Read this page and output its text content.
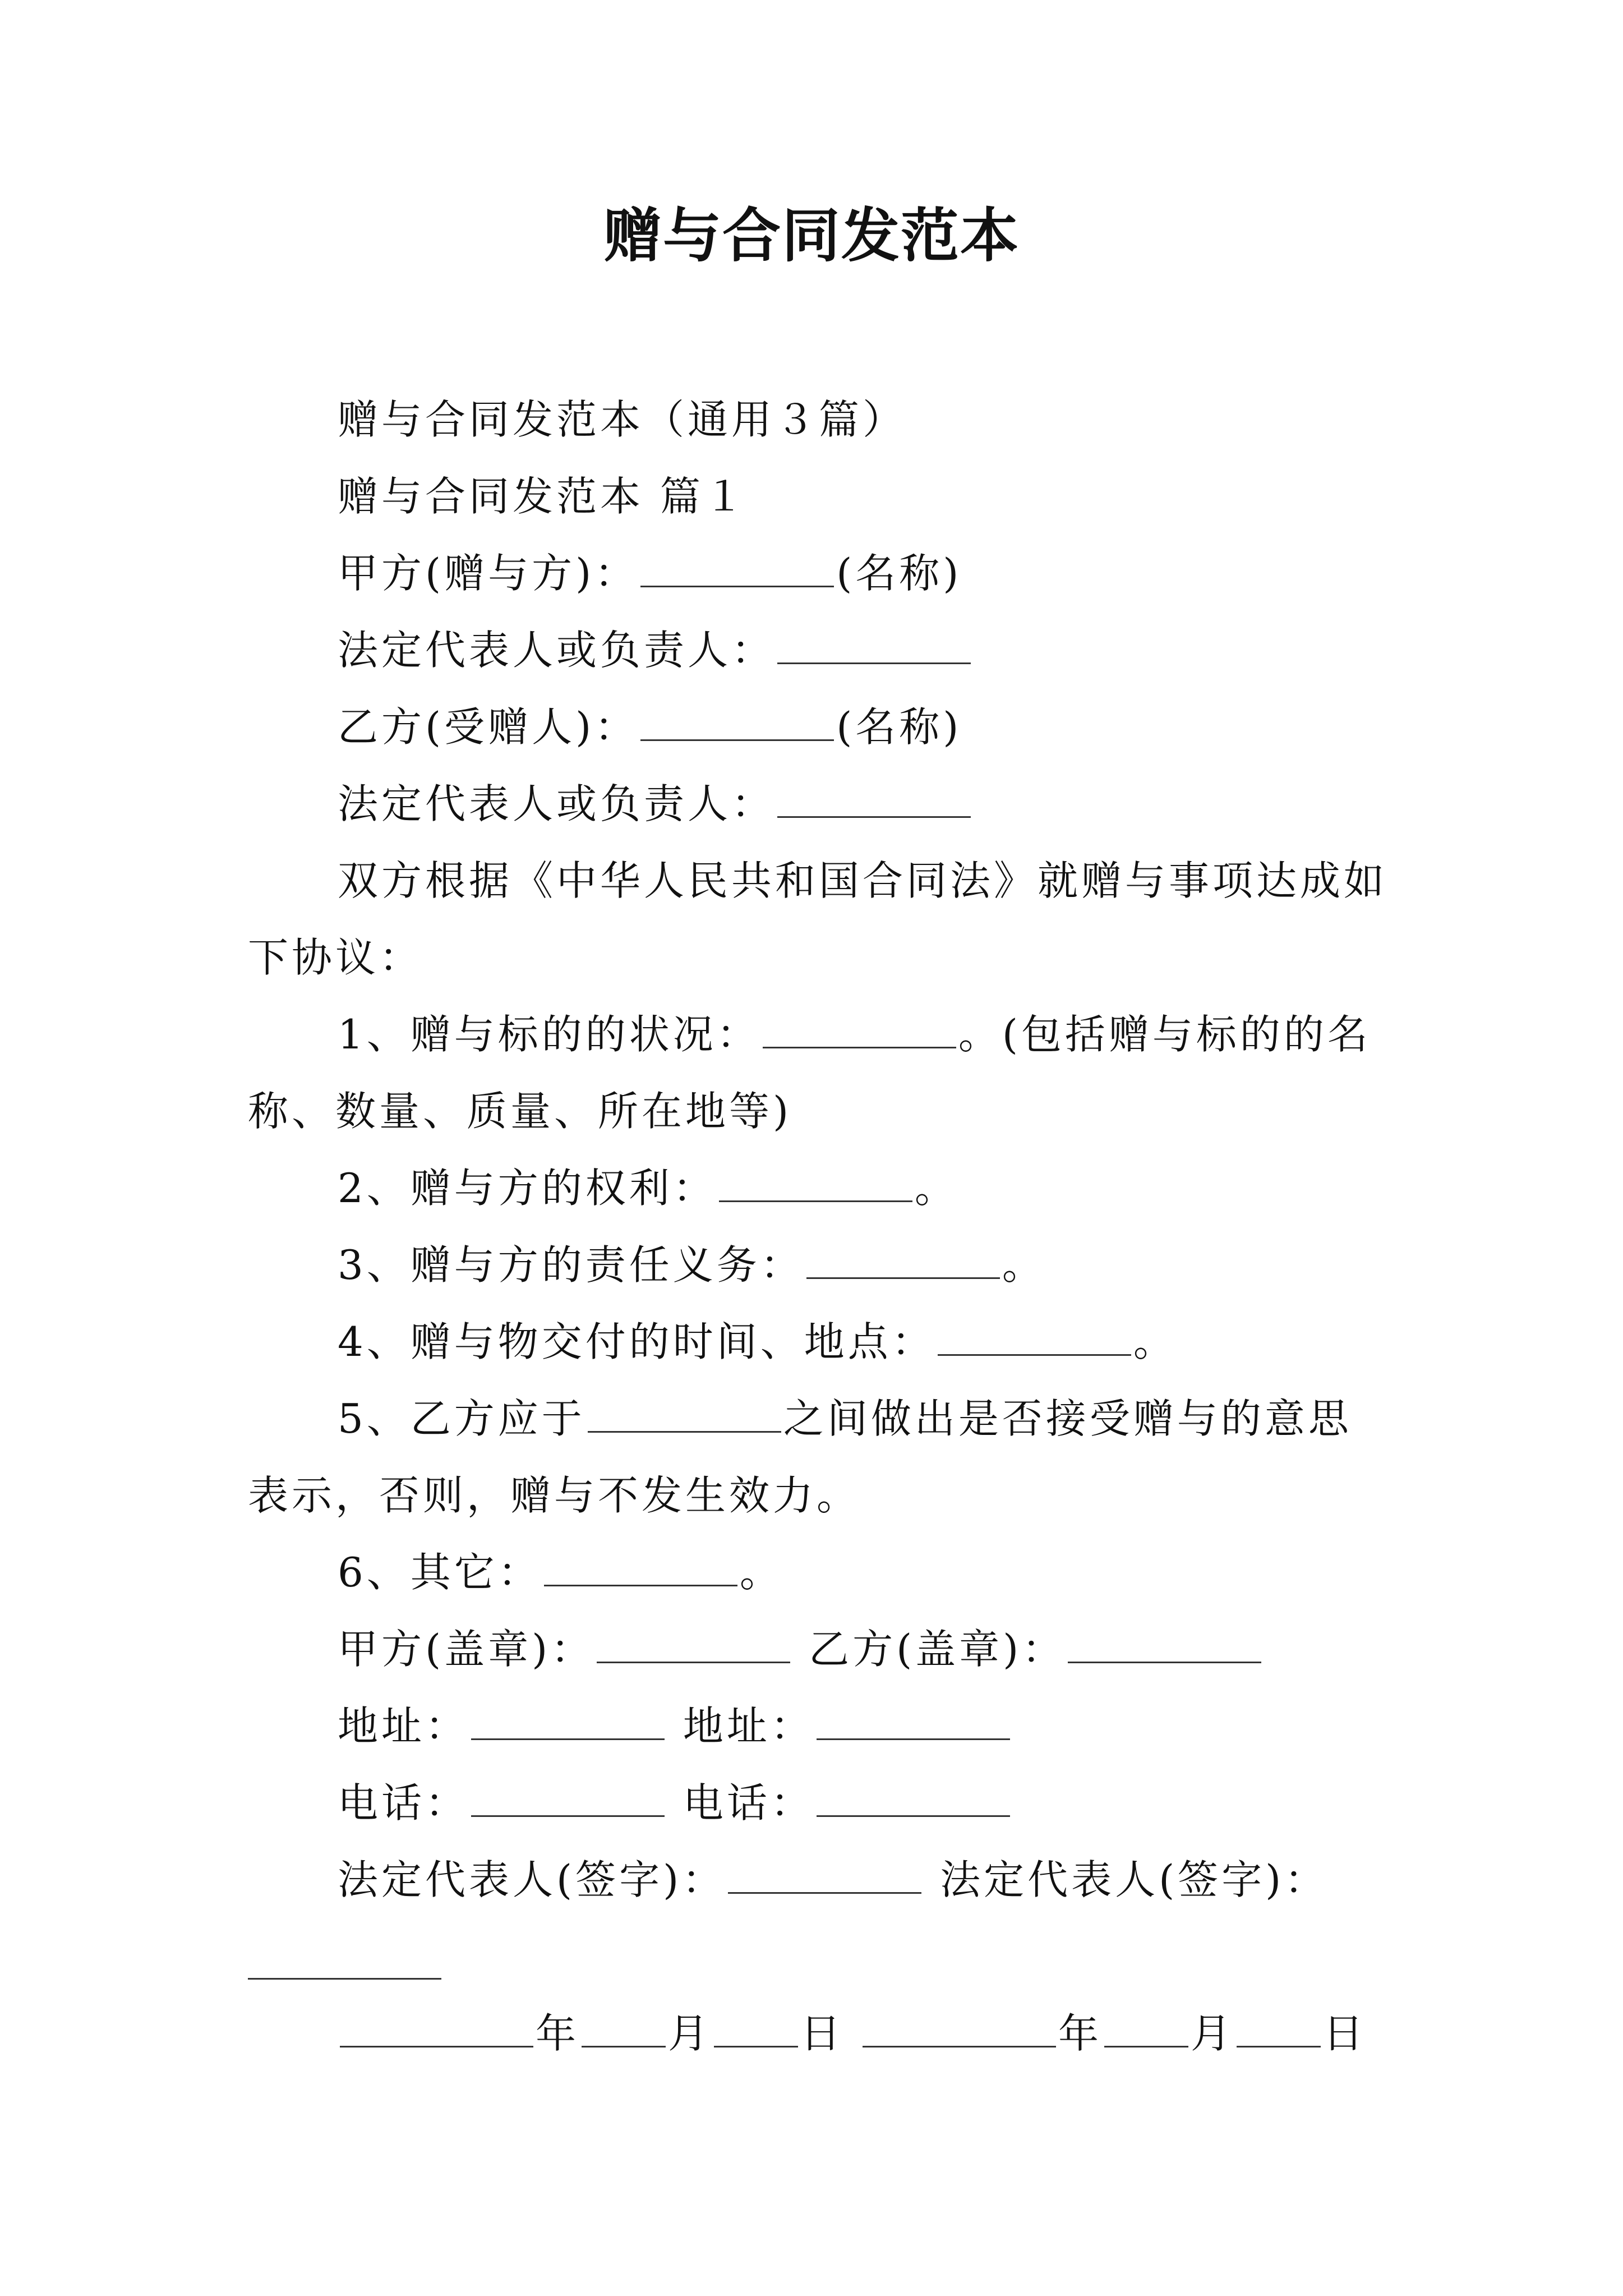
赠与合同发范本

赠与合同发范本（通用３篇）

赠与合同发范本 篇１

甲方(赠与方)：	(名称)

法定代表人或负责人：

乙方(受赠人)：	(名称)

法定代表人或负责人：

双方根据《中华人民共和国合同法》就赠与事项达成如下协议：

1、赠与标的的状况：	。(包括赠与标的的名称、数量、质量、所在地等)

2、赠与方的权利：	。

3、赠与方的责任义务：	。

4、赠与物交付的时间、地点：	。

5、乙方应于	之间做出是否接受赠与的意思表示，否则，赠与不发生效力。

6、其它：	。

甲方(盖章)：	乙方(盖章)：

地址：	地址：

电话：	电话：

法定代表人(签字)：	法定代表人(签字)：

年 月 日	年 月 日
